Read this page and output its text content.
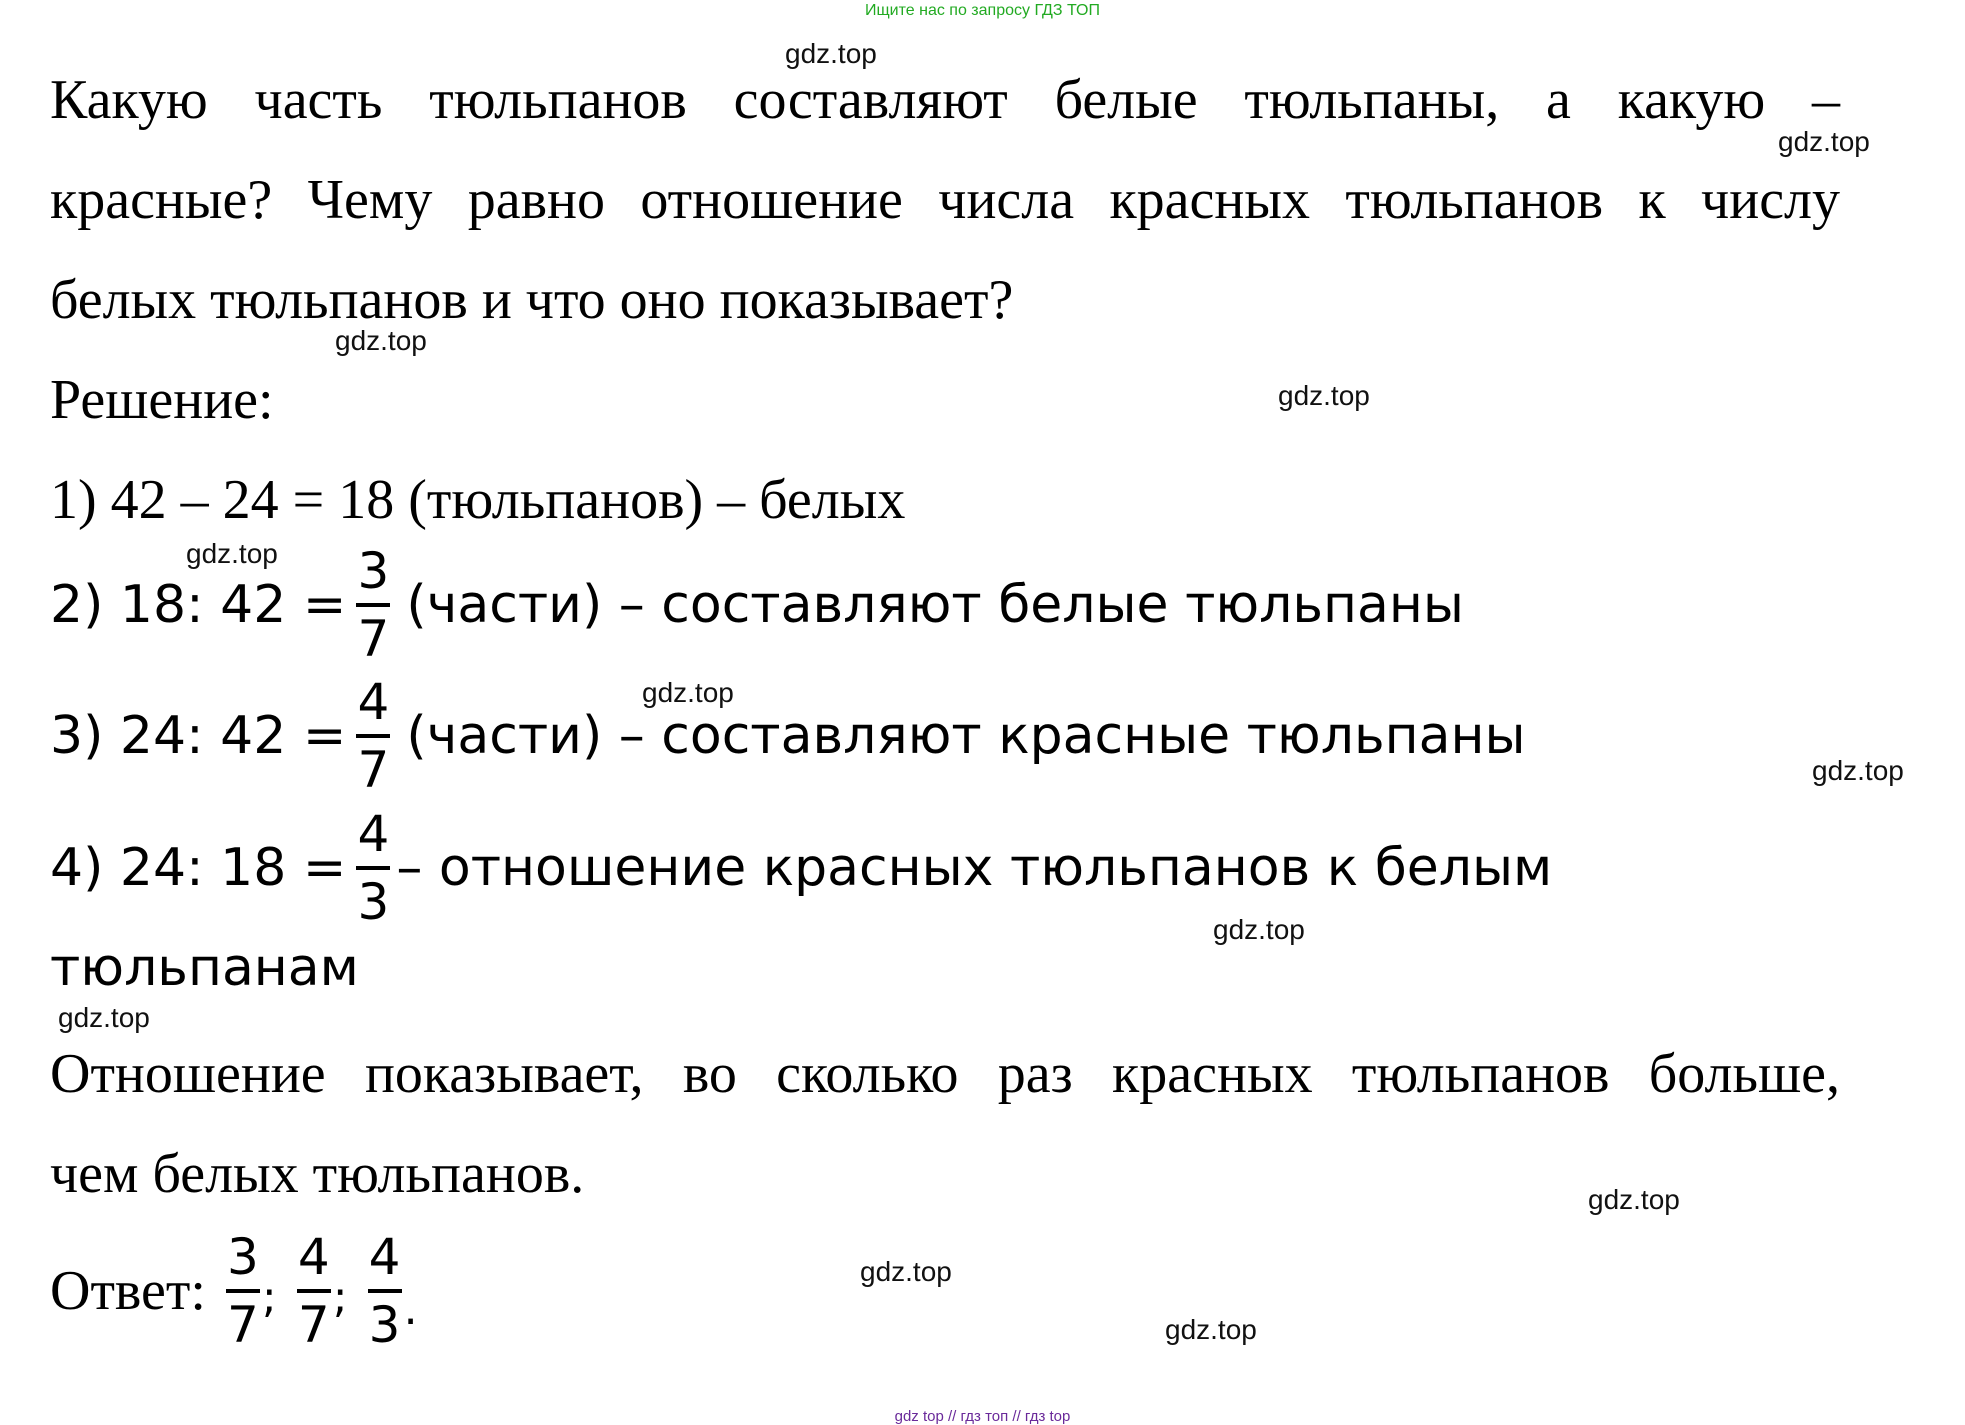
Ищите нас по запросу ГДЗ ТОП
Какую часть тюльпанов составляют белые тюльпаны, а какую –
красные? Чему равно отношение числа красных тюльпанов к числу
белых тюльпанов и что оно показывает?
Решение:
1) 42 – 24 = 18 (тюльпанов) – белых
2) 18: $42 = \frac{3}{7}$ (части) – составляют белые тюльпаны
3) 24: $42 = \frac{4}{7}$ (части) – составляют красные тюльпаны
4) 24: $18 = \frac{4}{3}$ – отношение красных тюльпанов к белым
тюльпанам
Отношение показывает, во сколько раз красных тюльпанов больше,
чем белых тюльпанов.
Ответ: $\frac{3}{7}$ ; $\frac{4}{7}$ ; $\frac{4}{3}$ .
gdz.top
gdz.top
gdz.top
gdz.top
gdz.top
gdz.top
gdz.top
gdz.top
gdz.top
gdz.top
gdz.top
gdz.top
gdz top // гдз топ // гдз top
